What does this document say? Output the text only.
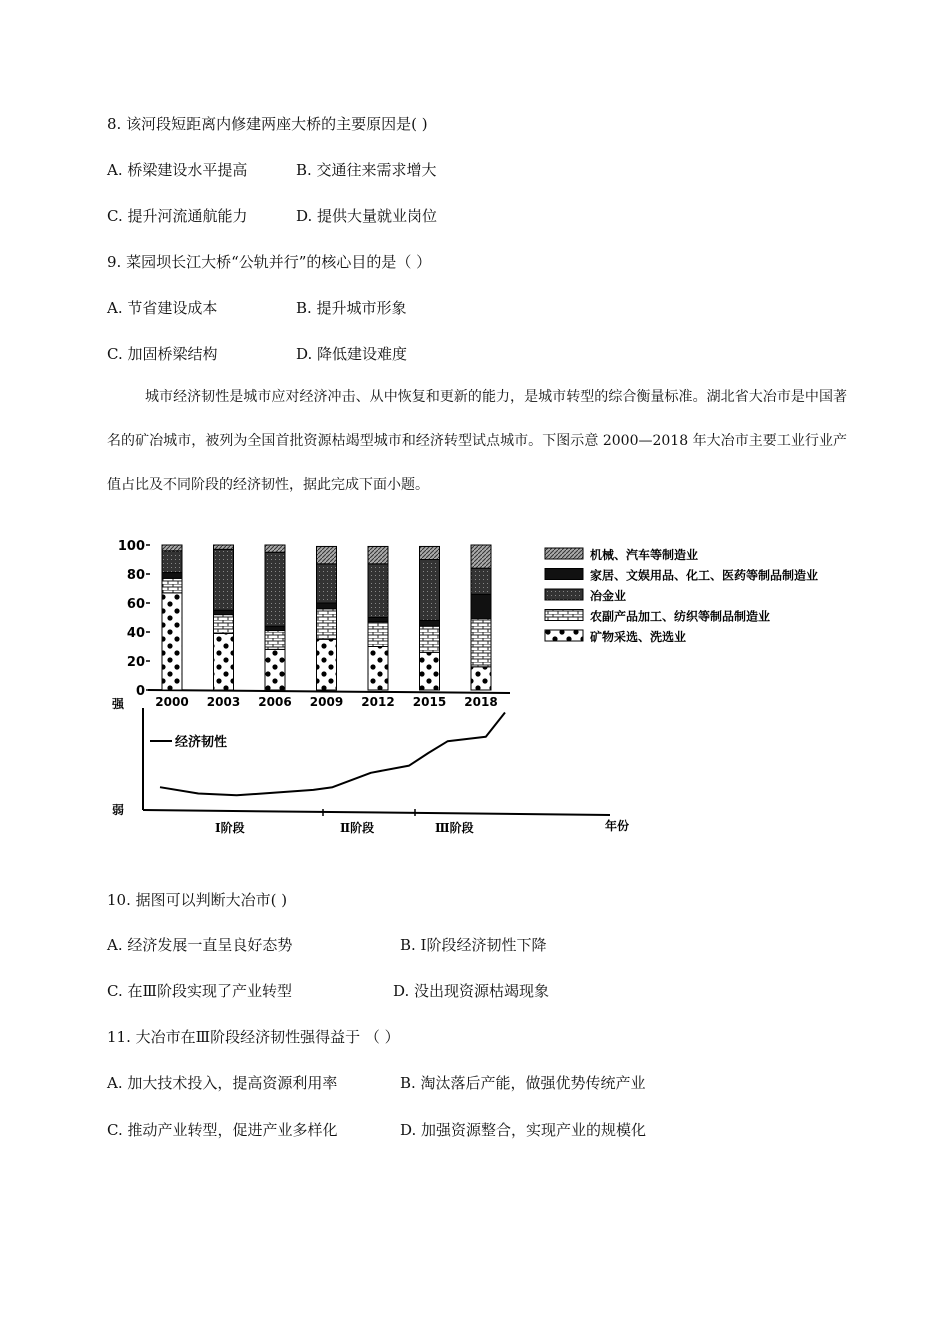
8. 该河段短距离内修建两座大桥的主要原因是( )
A. 桥梁建设水平提高	B. 交通往来需求增大
C. 提升河流通航能力	D. 提供大量就业岗位
9. 菜园坝长江大桥“公轨并行”的核心目的是（ ）
A. 节省建设成本	B. 提升城市形象
C. 加固桥梁结构	D. 降低建设难度
城市经济韧性是城市应对经济冲击、从中恢复和更新的能力，是城市转型的综合衡量标准。湖北省大冶市是中国著名的矿冶城市，被列为全国首批资源枯竭型城市和经济转型试点城市。下图示意 2000—2018 年大冶市主要工业行业产值占比及不同阶段的经济韧性，据此完成下面小题。
0
20
40
60
80
100
2000 2003 2006 2009 2012 2015 2018
机械、汽车等制造业
家居、文娱用品、化工、医药等制品制造业
冶金业
农副产品加工、纺织等制品制造业
矿物采选、洗选业
强
弱
年份
经济韧性
Ⅰ阶段	Ⅱ阶段	Ⅲ阶段
10. 据图可以判断大冶市( )
A. 经济发展一直呈良好态势	B. Ⅰ阶段经济韧性下降
C. 在Ⅲ阶段实现了产业转型	D. 没出现资源枯竭现象
11. 大冶市在Ⅲ阶段经济韧性强得益于 （ ）
A. 加大技术投入，提高资源利用率	B. 淘汰落后产能，做强优势传统产业
C. 推动产业转型，促进产业多样化	D. 加强资源整合，实现产业的规模化
